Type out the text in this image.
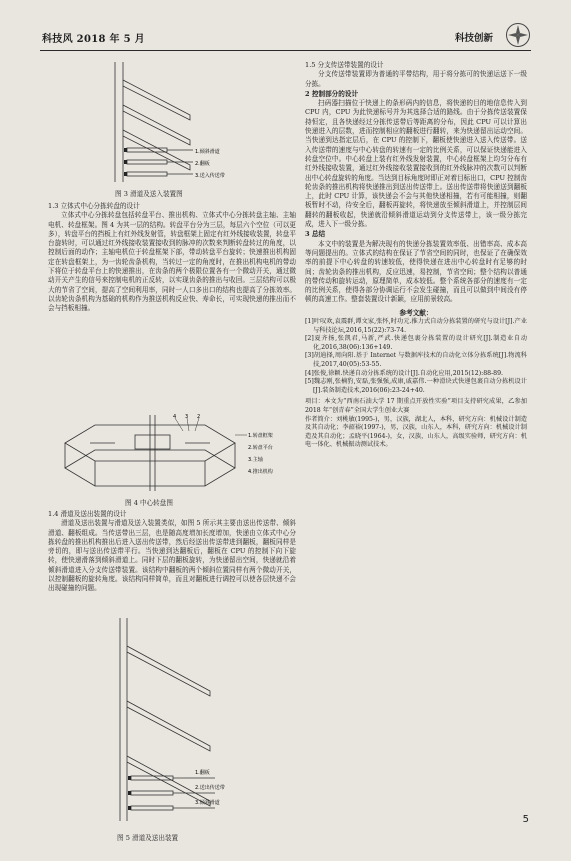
科技风 2018 年 5 月	科技创新
1.倾斜滑道
2.翻板
3.送入传送带
图 3 滑道及送入装置图

1.3 立体式中心分拣转盘的设计

立体式中心分拣转盘包括转盘平台、推出机构、立体式中心分拣转盘主轴、主轴电机、转盘框架。图 4 为其一层的结构。转盘平台分为三层，每层六个空位（可以更多），转盘平台的挡板上有红外线发射管，转盘框架上固定有红外线接收装置，转盘平台旋转时，可以通过红外线接收装置接收到的脉冲的次数来判断转盘转过的角度，以控制后面的动作；主轴电机位于转盘框架下部，带动转盘平台旋转；快速推出机构固定在转盘框架上，为一齿轮齿条机构，当转过一定的角度时，在推出机构电机的带动下将位于转盘平台上的快递推出，在齿条的两个极限位置各有一个微动开关，通过微动开关产生的信号来控制电机的正反转，以实现齿条的推出与收回。三层结构可以极大的节省了空间，提高了空间利用率，同时一人口多出口的结构也提高了分拣效率。以齿轮齿条机构为基础的机构作为推送机构反应快、寿命长，可实现快递的推出而不会与挡板相撞。

4 3 2
1.转盘框架
2.转盘平台
3.主轴
4.推出机构
图 4 中心转盘图

1.4 滑道及送出装置的设计

滑道及送出装置与滑道及送入装置类似，如图 5 所示其主要由送出传送带、倾斜滑道、翻板组成。当传送带出三层，也是随高度增加长度增加，快递由立体式中心分拣转盘的推出机构推出后进入送出传送带，然后经送出传送带进到翻板，翻板同样是旁切的，即与送出传送带平行。当快递到达翻板后，翻板在 CPU 的控制下向下旋转，使快递滑落到倾斜滑道上。同时下层的翻板旋转，为快递留出空间，快递就沿着倾斜滑道进入分支传送带装置。该结构中翻板的两个倾斜位置同样有两个微动开关，以控制翻板的旋转角度。该结构同样简单，而且对翻板进行调控可以使各层快递不会出现碰撞的问题。

1.翻板
2.送出传送带
3.倾斜滑道
图 5 滑道及送出装置

1.5 分支传送带装置的设计

分支传送带装置即为普通的平带结构，用于将分拣可的快递运送下一级分拣。

2 控制部分的设计

扫码器扫描位于快递上的条形码内的信息，将快递的目的地信息传入到 CPU 内，CPU 为此快递标号并为其选择合适的路线。由于分拣传送装置保持恒定，且各快递经过分拣传送带后等距离的分布，因此 CPU 可以计算出快递进入的层数，进而控制相应的翻板进行翻转，来为快递留出运动空间。当快递到达指定层后，在 CPU 的控制下，翻板使快递进入送入传送带。送入传送带的速度与中心转盘的转速有一定的比例关系，可以保证快递能进入转盘空位中。中心转盘上装有红外线发射装置，中心转盘框架上均匀分布有红外线接收装置，通过红外线接收装置接收到的红外线脉冲的次数可以判断出中心转盘旋转的角度。当达到目标角度时即正对着目标出口，CPU 控制齿轮齿条的推出机构将快递推出到送出传送带上。送出传送带将快递送到翻板上，此时 CPU 计算，该快递会不会与其他快递相撞，若有可能相撞，则翻板暂时不动，待安全后，翻板再旋转，将快递放至倾斜滑道上，并控制层间翻转的翻板收起，快递就沿倾斜滑道运动到分支传送带上，该一级分拣完成，进入下一级分拣。

3 总结

本文中的装置是为解决现有的快递分拣装置效率低、出错率高、成本高等问题提出的。立体式的结构在保证了节省空间的同时，也保证了在确保效率的前提下中心转盘的转速较低，使得快递在进出中心转盘时有足够的时间；齿轮齿条的推出机构，反应迅速，易控制，节省空间；整个结构以普通的带传动和旋转运动，原理简单，成本较低。整个系统各部分的速度有一定的比例关系，使得各部分协调运行不会发生碰撞，而且可以做到中间没有停顿的高速工作。整套装置设计新颖，应用前景较高。

参考文献：

[1]叶叹欢,袁震群,谭文家,张怀,时功元.推力式自动分拣装置的研究与设计[J].产业与科技论坛,2016,15(22):73-74.

[2]夏齐扬,张凯君,马新,严武.快递包裹分拣装置的设计研究[J].制造业自动化,2016,38(06):136+149.

[3]胡迪择,周向阳.基于 Internet 与数据库技术的自动化立体分拣系统[J].物流科技,2017,40(05):53-55.

[4]张俊,徐颖.快递自动分拣系统的设计[J].自动化应用,2015(12):88-89.

[5]魏志刚,张楠豹,安磊,张强强,成康,戚嘉伟.一种滑块式快递包裹自动分拣机设计[J].装备制造技术,2016(06):23-24+40.

项目：本文为“西南石油大学 17 期重点开放性实验”项目支持研究成果，乙参加 2018 年“创青春”全国大学生创业大赛

作者简介：刘桃敏(1995-)，男，汉族，湖北人，本科，研究方向：机械设计制造及其自动化；李韶裕(1997-)，男，汉族，山东人，本科，研究方向：机械设计制造及其自动化；孟晓平(1964-)，女，汉族，山东人，高级实验师，研究方向：机电一体化、机械振动测试技术。

5
